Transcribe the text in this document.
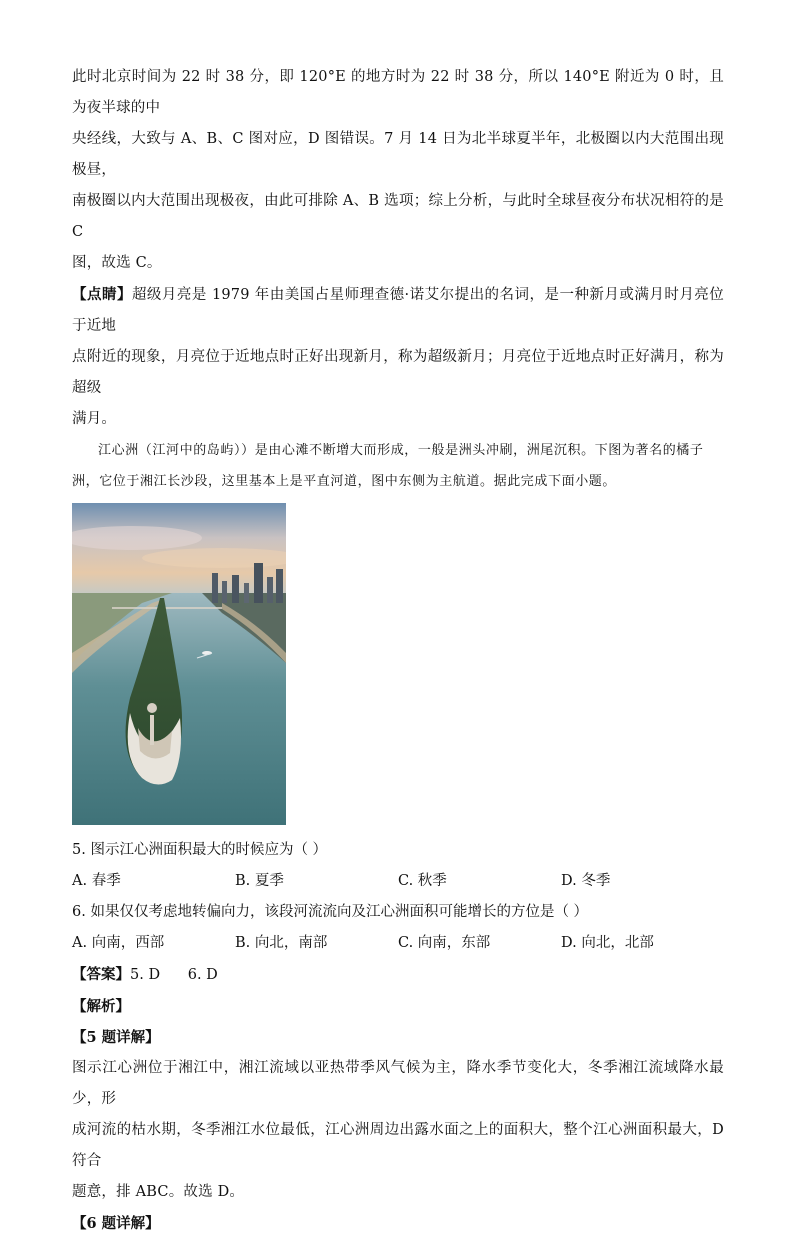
此时北京时间为 22 时 38 分，即 120°E 的地方时为 22 时 38 分，所以 140°E 附近为 0 时，且为夜半球的中

央经线，大致与 A、B、C 图对应，D 图错误。7 月 14 日为北半球夏半年，北极圈以内大范围出现极昼，

南极圈以内大范围出现极夜，由此可排除 A、B 选项；综上分析，与此时全球昼夜分布状况相符的是 C

图，故选 C。

【点睛】超级月亮是 1979 年由美国占星师理查德·诺艾尔提出的名词，是一种新月或满月时月亮位于近地

点附近的现象，月亮位于近地点时正好出现新月，称为超级新月；月亮位于近地点时正好满月，称为超级

满月。

江心洲（江河中的岛屿））是由心滩不断增大而形成，一般是洲头冲刷，洲尾沉积。下图为著名的橘子

洲，它位于湘江长沙段，这里基本上是平直河道，图中东侧为主航道。据此完成下面小题。

5. 图示江心洲面积最大的时候应为（ ）

A. 春季	B. 夏季	C. 秋季	D. 冬季

6. 如果仅仅考虑地转偏向力，该段河流流向及江心洲面积可能增长的方位是（ ）

A. 向南，西部	B. 向北，南部	C. 向南，东部	D. 向北，北部

【答案】5. D      6. D

【解析】

【5 题详解】

图示江心洲位于湘江中，湘江流域以亚热带季风气候为主，降水季节变化大，冬季湘江流域降水最少，形

成河流的枯水期，冬季湘江水位最低，江心洲周边出露水面之上的面积大，整个江心洲面积最大，D 符合

题意，排 ABC。故选 D。

【6 题详解】
